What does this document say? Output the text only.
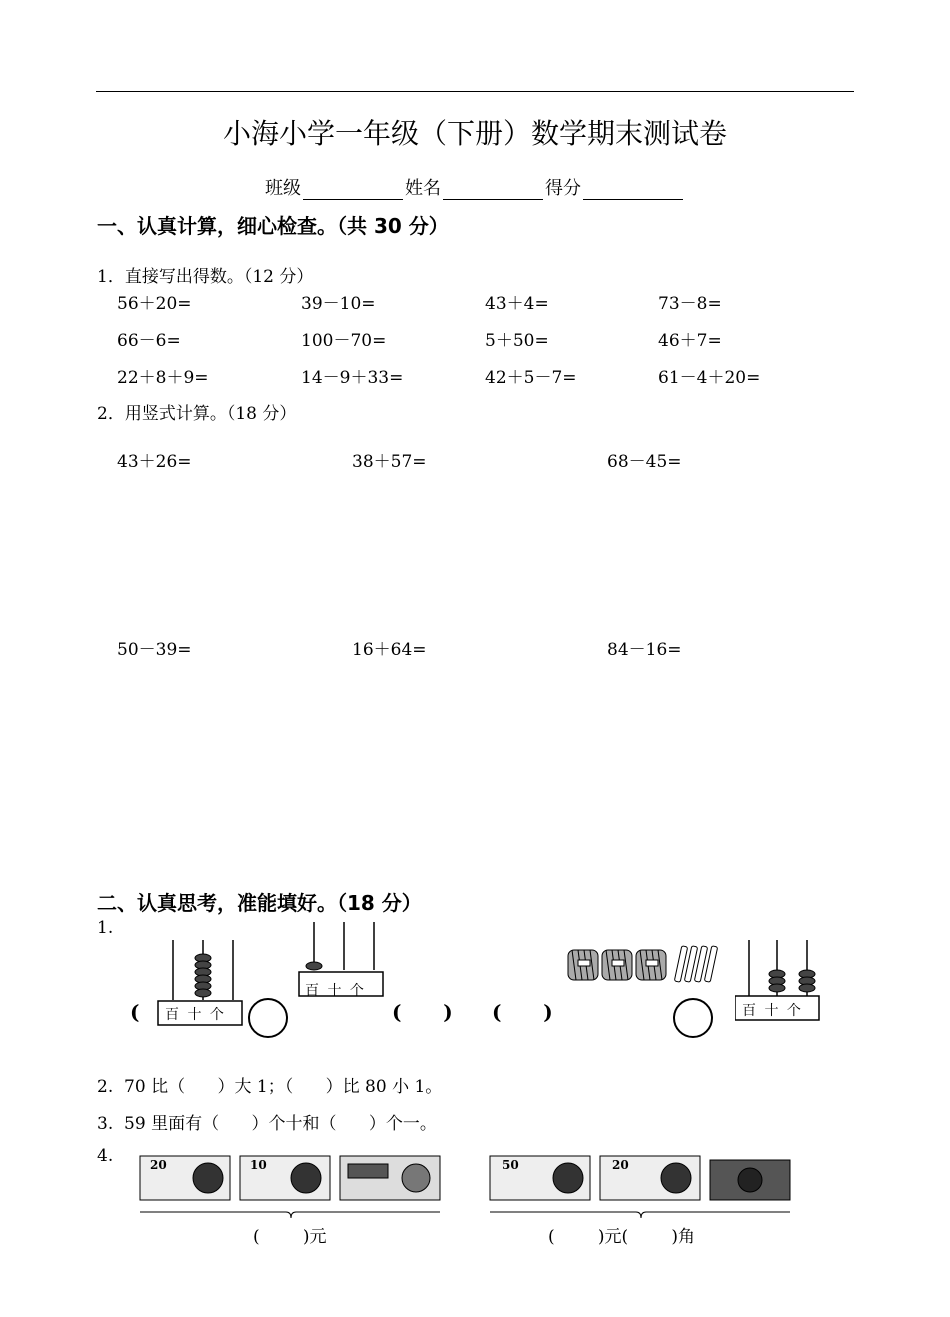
小海小学一年级（下册）数学期末测试卷
班级	姓名	得分
一、认真计算，细心检查。（共 30 分）
1．直接写出得数。（12 分）
56＋20=	39－10=	43＋4=	73－8=
66－6=	100－70=	5＋50=	46＋7=
22＋8＋9=	14－9＋33=	42＋5－7=	61－4＋20=
2．用竖式计算。（18 分）
43＋26=	38＋57=	68－45=
50－39=	16＋64=	84－16=
二、认真思考，准能填好。（18 分）
1.
百 十 个
(
百 十 个
(      ) (      )	百 十 个
2.  70 比（      ）大 1；（      ）比 80 小 1。
3.  59 里面有（      ）个十和（      ）个一。
4.	20	10	50	20
(        )元	(        )元(        )角
